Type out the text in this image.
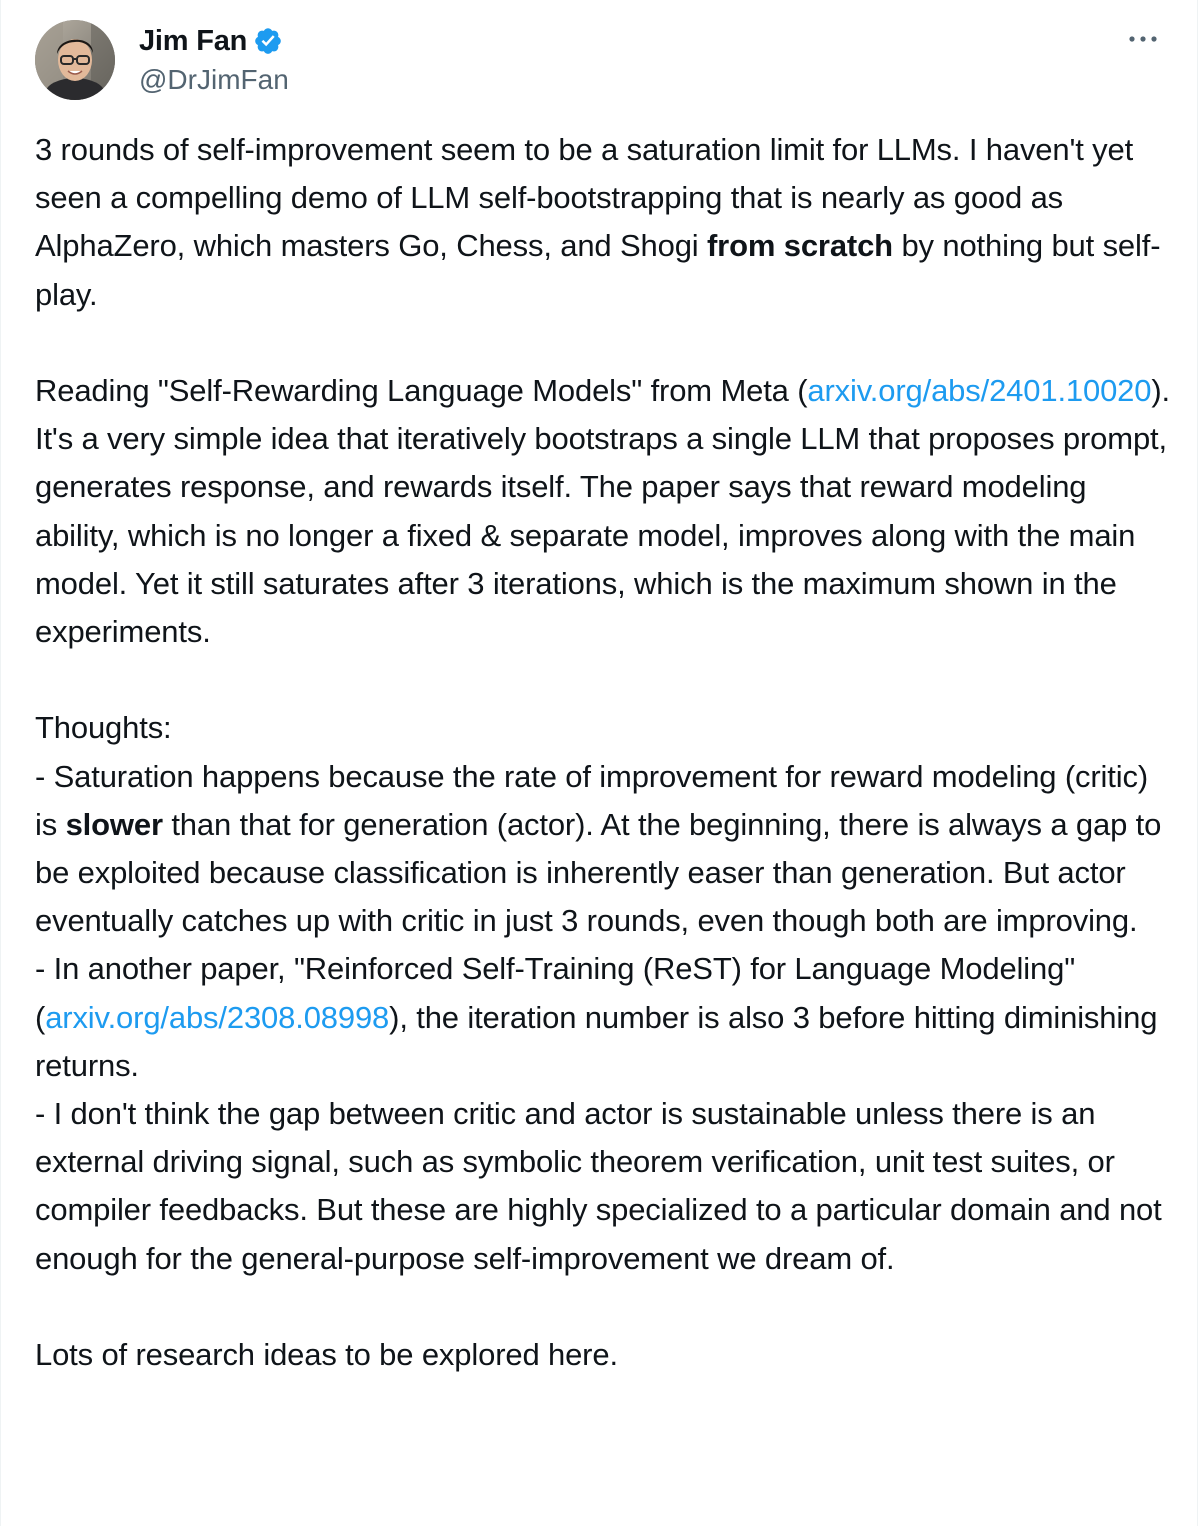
Jim Fan
@DrJimFan

3 rounds of self-improvement seem to be a saturation limit for LLMs. I haven't yet seen a compelling demo of LLM self-bootstrapping that is nearly as good as AlphaZero, which masters Go, Chess, and Shogi from scratch by nothing but self-play.

Reading "Self-Rewarding Language Models" from Meta (arxiv.org/abs/2401.10020). It's a very simple idea that iteratively bootstraps a single LLM that proposes prompt, generates response, and rewards itself. The paper says that reward modeling ability, which is no longer a fixed & separate model, improves along with the main model. Yet it still saturates after 3 iterations, which is the maximum shown in the experiments.

Thoughts:
- Saturation happens because the rate of improvement for reward modeling (critic) is slower than that for generation (actor). At the beginning, there is always a gap to be exploited because classification is inherently easer than generation. But actor eventually catches up with critic in just 3 rounds, even though both are improving.
- In another paper, "Reinforced Self-Training (ReST) for Language Modeling" (arxiv.org/abs/2308.08998), the iteration number is also 3 before hitting diminishing returns.
- I don't think the gap between critic and actor is sustainable unless there is an external driving signal, such as symbolic theorem verification, unit test suites, or compiler feedbacks. But these are highly specialized to a particular domain and not enough for the general-purpose self-improvement we dream of.

Lots of research ideas to be explored here.
